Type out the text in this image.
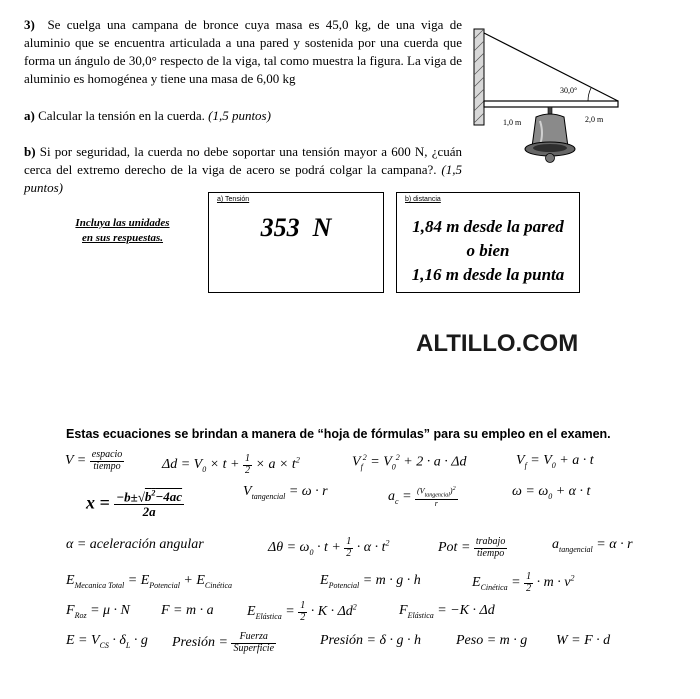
3) Se cuelga una campana de bronce cuya masa es 45,0 kg, de una viga de aluminio que se encuentra articulada a una pared y sostenida por una cuerda que forma un ángulo de 30,0° respecto de la viga, tal como muestra la figura. La viga de aluminio es homogénea y tiene una masa de 6,00 kg
a) Calcular la tensión en la cuerda. (1,5 puntos)
b) Si por seguridad, la cuerda no debe soportar una tensión mayor a 600 N, ¿cuán cerca del extremo derecho de la viga de acero se podrá colgar la campana?. (1,5 puntos)
30,0°
1,0 m	2,0 m
Incluya las unidades
en sus respuestas.
a) Tensión
353  N
b) distancia
1,84 m desde la pared
o bien
1,16 m desde la punta
ALTILLO.COM
Estas ecuaciones se brindan a manera de “hoja de fórmulas” para su empleo en el examen.
$V = \frac{\text{espacio}}{\text{tiempo}}$	$\Delta d = V_0 \times t + \frac{1}{2} \times a \times t^2$	$V_f^2 = V_0^2 + 2 \cdot a \cdot \Delta d$	$V_f = V_0 + a \cdot t$
$x = \frac{-b\pm√b^2-4ac}{2a}$	$V_{tangencial} = \omega \cdot r$	$a_c = \frac{(V_{tangencial})^2}{r}$	$\omega = \omega_0 + \alpha \cdot t$
α = aceleración angular	$\Delta\theta = \omega_0 \cdot t + \frac{1}{2} \cdot \alpha \cdot t^2$	Pot = $\frac{\text{trabajo}}{\text{tiempo}}$	$a_{tangencial} = \alpha \cdot r$
$E_{Mecanica Total} = E_{Potencial} + E_{Cinética}$	$E_{Potencial} = m \cdot g \cdot h$	$E_{Cinética} = \frac{1}{2} \cdot m \cdot v^2$
$F_{Roz} = \mu \cdot N$ F = m · a $E_{Elástica} = \frac{1}{2} \cdot K \cdot \Delta d^2$	$F_{Elástica} = -K \cdot \Delta d$
$E = V_{CS} \cdot \delta_L \cdot g$ Presión = $\frac{\text{Fuerza}}{\text{Superficie}}$	Presión = δ · g · h	Peso = m · g W = F · d
